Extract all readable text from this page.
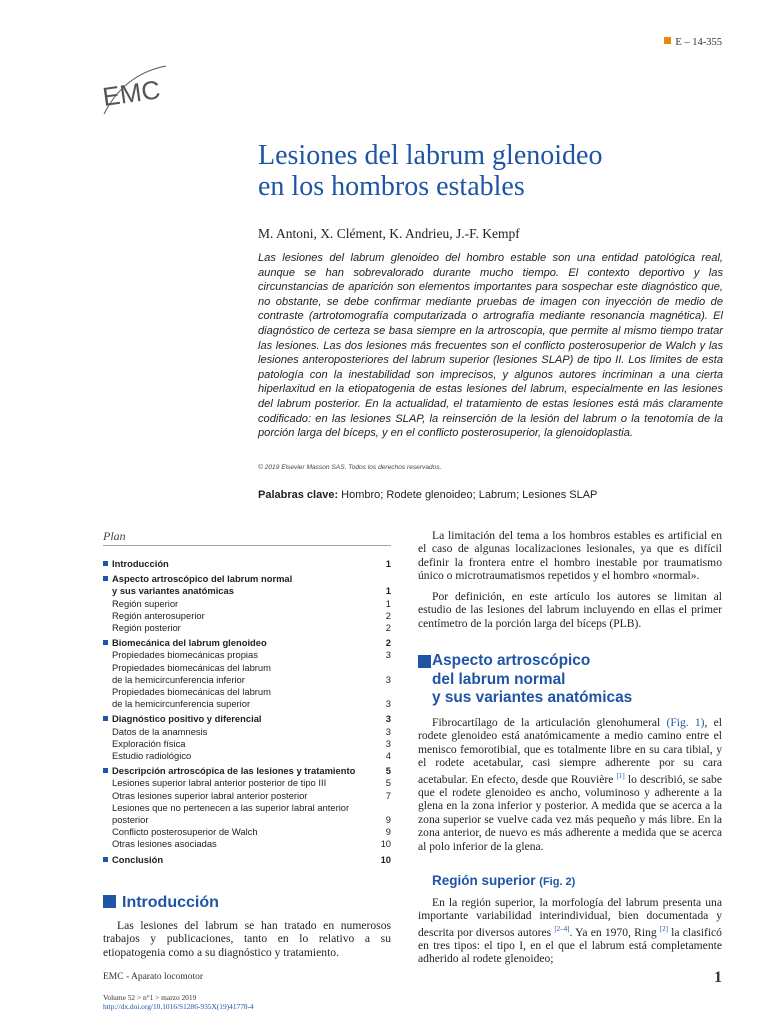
E – 14-355
EMC
Lesiones del labrum glenoideo
en los hombros estables
M. Antoni, X. Clément, K. Andrieu, J.-F. Kempf
Las lesiones del labrum glenoideo del hombro estable son una entidad patológica real, aunque se han sobrevalorado durante mucho tiempo. El contexto deportivo y las circunstancias de aparición son elementos importantes para sospechar este diagnóstico que, no obstante, se debe confirmar mediante pruebas de imagen con inyección de medio de contraste (artrotomografía computarizada o artrografía mediante resonancia magnética). El diagnóstico de certeza se basa siempre en la artroscopia, que permite al mismo tiempo tratar las lesiones. Las dos lesiones más frecuentes son el conflicto posterosuperior de Walch y las lesiones anteroposteriores del labrum superior (lesiones SLAP) de tipo II. Los límites de esta patología con la inestabilidad son imprecisos, y algunos autores incriminan a una cierta hiperlaxitud en la etiopatogenia de estas lesiones del labrum, especialmente en las lesiones del labrum posterior. En la actualidad, el tratamiento de estas lesiones está más claramente codificado: en las lesiones SLAP, la reinserción de la lesión del labrum o la tenotomía de la porción larga del bíceps, y en el conflicto posterosuperior, la glenoidoplastia.
© 2019 Elsevier Masson SAS. Todos los derechos reservados.
Palabras clave: Hombro; Rodete glenoideo; Labrum; Lesiones SLAP
Plan
Introducción	1
Aspecto artroscópico del labrum normal
y sus variantes anatómicas	1
Región superior	1
Región anterosuperior	2
Región posterior	2
Biomecánica del labrum glenoideo	2
Propiedades biomecánicas propias	3
Propiedades biomecánicas del labrum
de la hemicircunferencia inferior	3
Propiedades biomecánicas del labrum
de la hemicircunferencia superior	3
Diagnóstico positivo y diferencial	3
Datos de la anamnesis	3
Exploración física	3
Estudio radiológico	4
Descripción artroscópica de las lesiones y tratamiento	5
Lesiones superior labral anterior posterior de tipo III	5
Otras lesiones superior labral anterior posterior	7
Lesiones que no pertenecen a las superior labral anterior
posterior	9
Conflicto posterosuperior de Walch	9
Otras lesiones asociadas	10
Conclusión	10
Introducción
Las lesiones del labrum se han tratado en numerosos trabajos y publicaciones, tanto en lo relativo a su etiopatogenia como a su diagnóstico y tratamiento.
La limitación del tema a los hombros estables es artificial en el caso de algunas localizaciones lesionales, ya que es difícil definir la frontera entre el hombro inestable por traumatismo único o microtraumatismos repetidos y el hombro «normal».
Por definición, en este artículo los autores se limitan al estudio de las lesiones del labrum incluyendo en ellas el primer centímetro de la porción larga del bíceps (PLB).
Aspecto artroscópico
del labrum normal
y sus variantes anatómicas
Fibrocartílago de la articulación glenohumeral (Fig. 1), el rodete glenoideo está anatómicamente a medio camino entre el menisco femorotibial, que es totalmente libre en su cara tibial, y el rodete acetabular, casi siempre adherente por su cara acetabular. En efecto, desde que Rouvière [1] lo describió, se sabe que el rodete glenoideo es ancho, voluminoso y adherente a la glena en la zona inferior y posterior. A medida que se acerca a la zona superior se vuelve cada vez más pequeño y más libre. En la zona anterior, de nuevo es más adherente a medida que se acerca al polo inferior de la glena.
Región superior (Fig. 2)
En la región superior, la morfología del labrum presenta una importante variabilidad interindividual, bien documentada y descrita por diversos autores [2–4]. Ya en 1970, Ring [2] la clasificó en tres tipos: el tipo I, en el que el labrum está completamente adherido al rodete glenoideo;
EMC - Aparato locomotor
Volume 52 > n°1 > marzo 2019
http://dx.doi.org/10.1016/S1286-935X(19)41778-4
1
